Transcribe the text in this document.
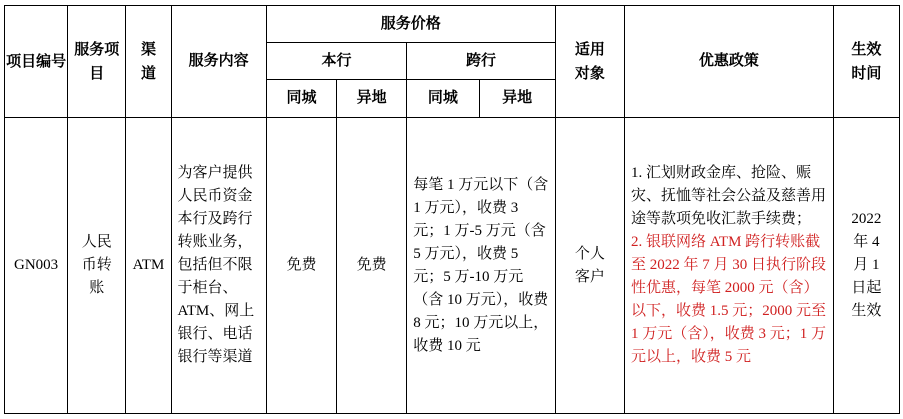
项目编号	服务项目	渠道	服务内容	服务价格				适用对象	优惠政策	生效时间
				本行		跨行				
				同城	异地	同城	异地			
GN003	人民币转账	ATM	为客户提供人民币资金本行及跨行转账业务，包括但不限于柜台、ATM、网上银行、电话银行等渠道	免费	免费	每笔 1 万元以下（含 1 万元），收费 3 元；1 万-5 万元（含 5 万元），收费 5 元；5 万-10 万元（含 10 万元），收费 8 元；10 万元以上，收费 10 元		个人客户	1. 汇划财政金库、抢险、赈灾、抚恤等社会公益及慈善用途等款项免收汇款手续费；
2. 银联网络 ATM 跨行转账截至 2022 年 7 月 30 日执行阶段性优惠，每笔 2000 元（含）以下，收费 1.5 元；2000 元至 1 万元（含），收费 3 元；1 万元以上，收费 5 元	2022 年 4 月 1 日起生效
